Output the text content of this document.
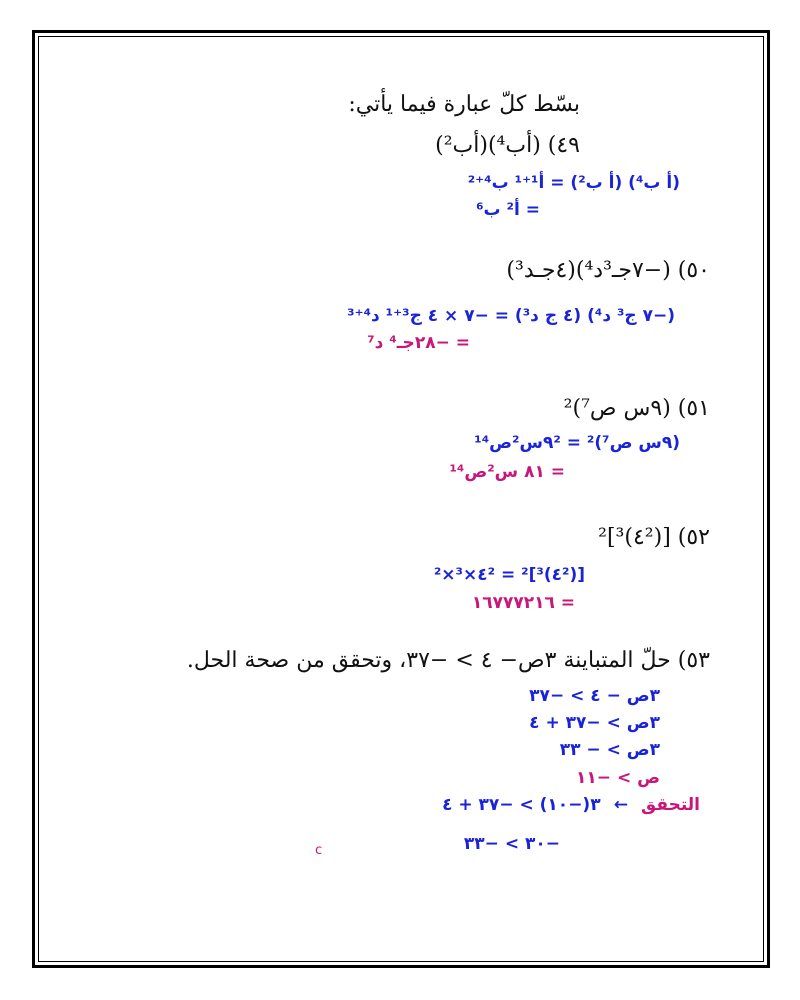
بسّط كلّ عبارة فيما يأتي:
٤٩) (أب⁴)(أب²)
(أ ب⁴) (أ ب²) = أ¹⁺¹ ب⁴⁺²
= أ² ب⁶
٥٠) (−٧جـ³د⁴)(٤جـد³)
(−٧ ج³ د⁴) (٤ ج د³) = −٧ × ٤ ج³⁺¹ د⁴⁺³
= −٢٨جـ⁴ د⁷
٥١) (٩س ص⁷)²
(٩س ص⁷)² = ٩²س²ص¹⁴
= ٨١ س²ص¹⁴
٥٢) [(٤²)³]²
[(٤²)³]² = ٤²×³×²
= ١٦٧٧٧٢١٦
٥٣) حلّ المتباينة ٣ص− ٤ > −٣٧، وتحقق من صحة الحل.
٣ص − ٤ > −٣٧
٣ص > −٣٧ + ٤
٣ص > − ٣٣
ص > −١١
التحقق ← ٣(−١٠) > −٣٧ + ٤
−٣٠ > −٣٣
c
